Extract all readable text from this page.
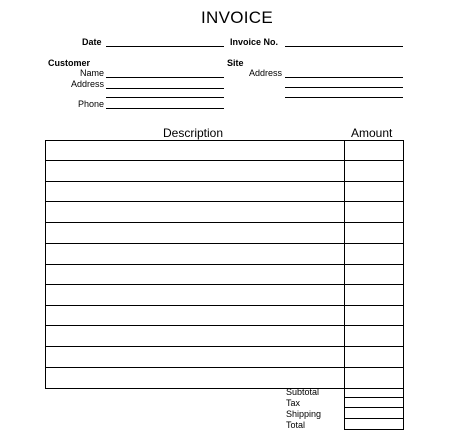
INVOICE
Date	Invoice No.
Customer
Name
Address
Phone
Site
Address
Description	Amount
Subtotal
Tax
Shipping
Total
